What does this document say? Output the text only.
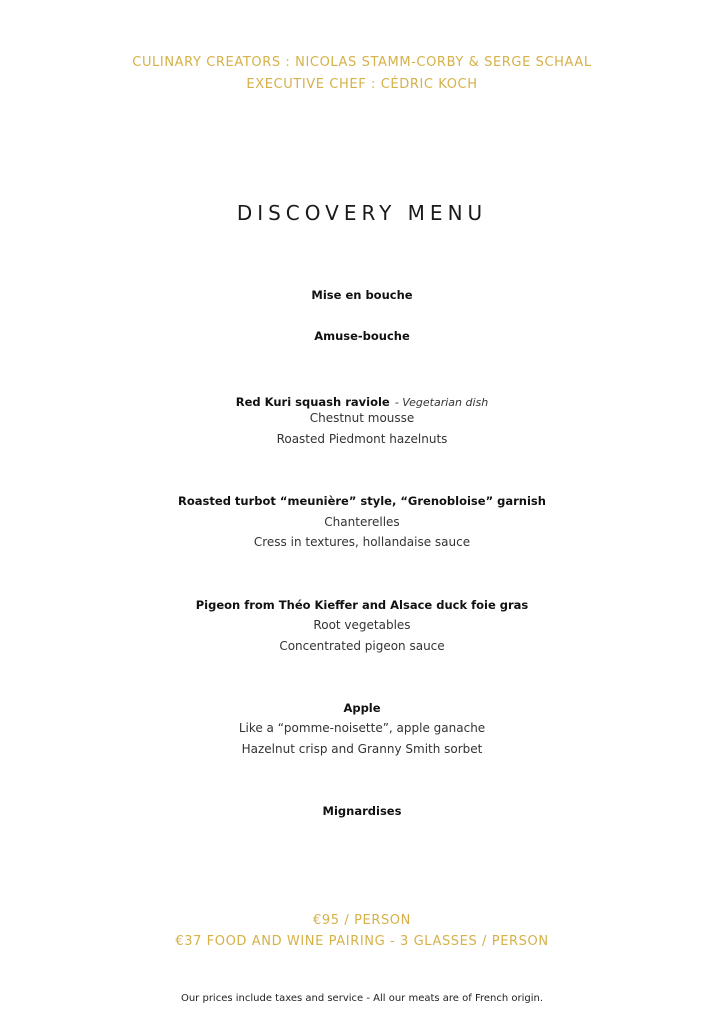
CULINARY CREATORS : NICOLAS STAMM-CORBY & SERGE SCHAAL
EXECUTIVE CHEF : CÉDRIC KOCH
DISCOVERY MENU
Mise en bouche
Amuse-bouche
Red Kuri squash raviole - Vegetarian dish
Chestnut mousse
Roasted Piedmont hazelnuts
Roasted turbot “meunière” style, “Grenobloise” garnish
Chanterelles
Cress in textures, hollandaise sauce
Pigeon from Théo Kieffer and Alsace duck foie gras
Root vegetables
Concentrated pigeon sauce
Apple
Like a “pomme-noisette”, apple ganache
Hazelnut crisp and Granny Smith sorbet
Mignardises
€95 / PERSON
€37 FOOD AND WINE PAIRING - 3 GLASSES / PERSON
Our prices include taxes and service - All our meats are of French origin.
